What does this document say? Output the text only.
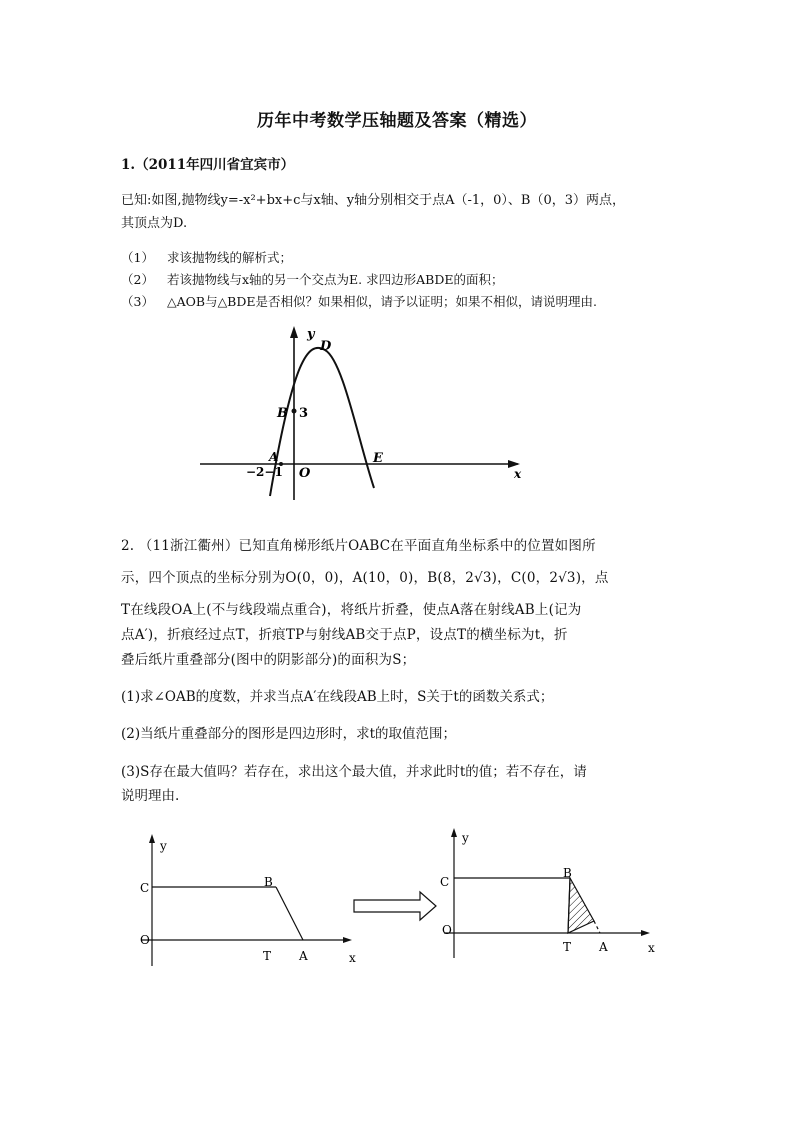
历年中考数学压轴题及答案（精选）
1.（2011年四川省宜宾市）
已知:如图,抛物线y=-x²+bx+c与x轴、y轴分别相交于点A（-1，0）、B（0，3）两点，
其顶点为D.
（1） 求该抛物线的解析式；
（2） 若该抛物线与x轴的另一个交点为E. 求四边形ABDE的面积；
（3） △AOB与△BDE是否相似？如果相似，请予以证明；如果不相似，请说明理由.
y
x
D
B 3
A
−2−1 O
E
2. （11浙江衢州）已知直角梯形纸片OABC在平面直角坐标系中的位置如图所
示，四个顶点的坐标分别为O(0，0)，A(10，0)，B(8，2√3)，C(0，2√3)，点
T在线段OA上(不与线段端点重合)，将纸片折叠，使点A落在射线AB上(记为
点A′)，折痕经过点T，折痕TP与射线AB交于点P，设点T的横坐标为t，折
叠后纸片重叠部分(图中的阴影部分)的面积为S；
(1)求∠OAB的度数，并求当点A′在线段AB上时，S关于t的函数关系式；
(2)当纸片重叠部分的图形是四边形时，求t的取值范围；
(3)S存在最大值吗？若存在，求出这个最大值，并求此时t的值；若不存在，请
说明理由.
y
C	B
O
T A	x
y
C
B
O
T A	x
